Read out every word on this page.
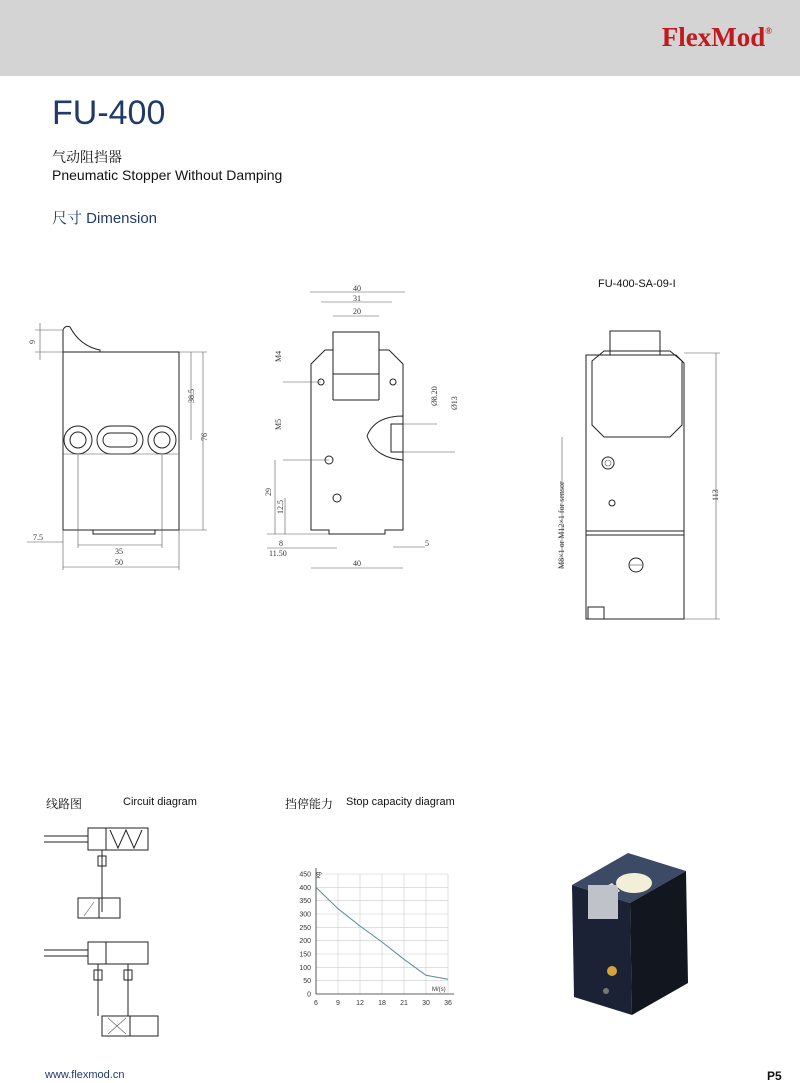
FlexMod®
FU-400
气动阻挡器
Pneumatic Stopper Without Damping
尺寸 Dimension
FU-400-SA-09-I
9
38.5
76
35
50
7.5
40
31
20
M4
M5
Ø8.20 Ø13
29
12.5
8
11.50
5
40	M8×1 or M12×1 for sensor	113
线路图	Circuit diagram	挡停能力 Stop capacity diagram
0
50
100
150
200
250
300
350
400
450
6	9 12 18 21 30 36
kg
M/(s)
www.flexmod.cn	P5
